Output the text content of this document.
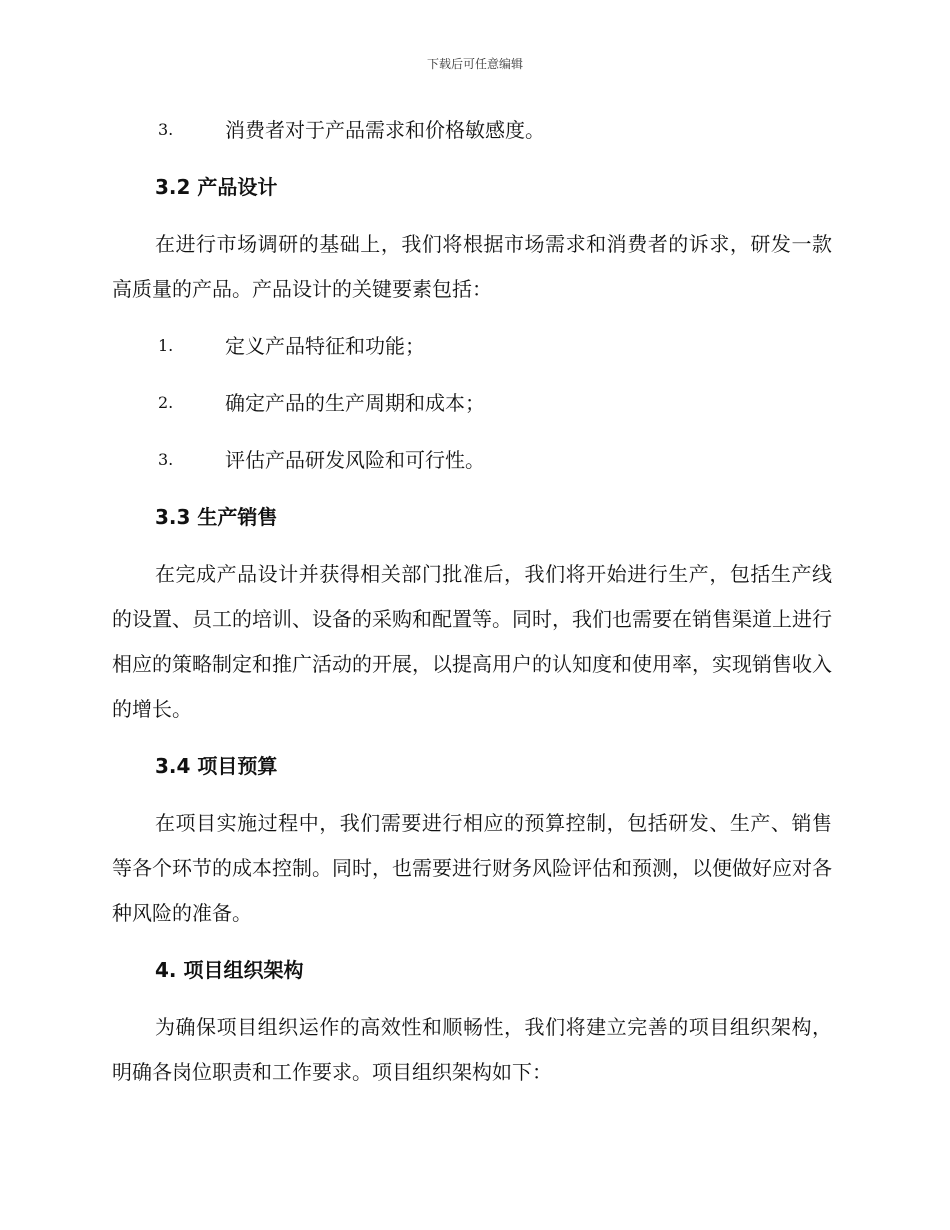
下载后可任意编辑
3.	消费者对于产品需求和价格敏感度。
3.2 产品设计

在进行市场调研的基础上，我们将根据市场需求和消费者的诉求，研发一款高质量的产品。产品设计的关键要素包括：

1.	定义产品特征和功能；
2.	确定产品的生产周期和成本；
3.	评估产品研发风险和可行性。
3.3 生产销售

在完成产品设计并获得相关部门批准后，我们将开始进行生产，包括生产线的设置、员工的培训、设备的采购和配置等。同时，我们也需要在销售渠道上进行相应的策略制定和推广活动的开展，以提高用户的认知度和使用率，实现销售收入的增长。

3.4 项目预算

在项目实施过程中，我们需要进行相应的预算控制，包括研发、生产、销售等各个环节的成本控制。同时，也需要进行财务风险评估和预测，以便做好应对各种风险的准备。

4. 项目组织架构

为确保项目组织运作的高效性和顺畅性，我们将建立完善的项目组织架构，明确各岗位职责和工作要求。项目组织架构如下：
